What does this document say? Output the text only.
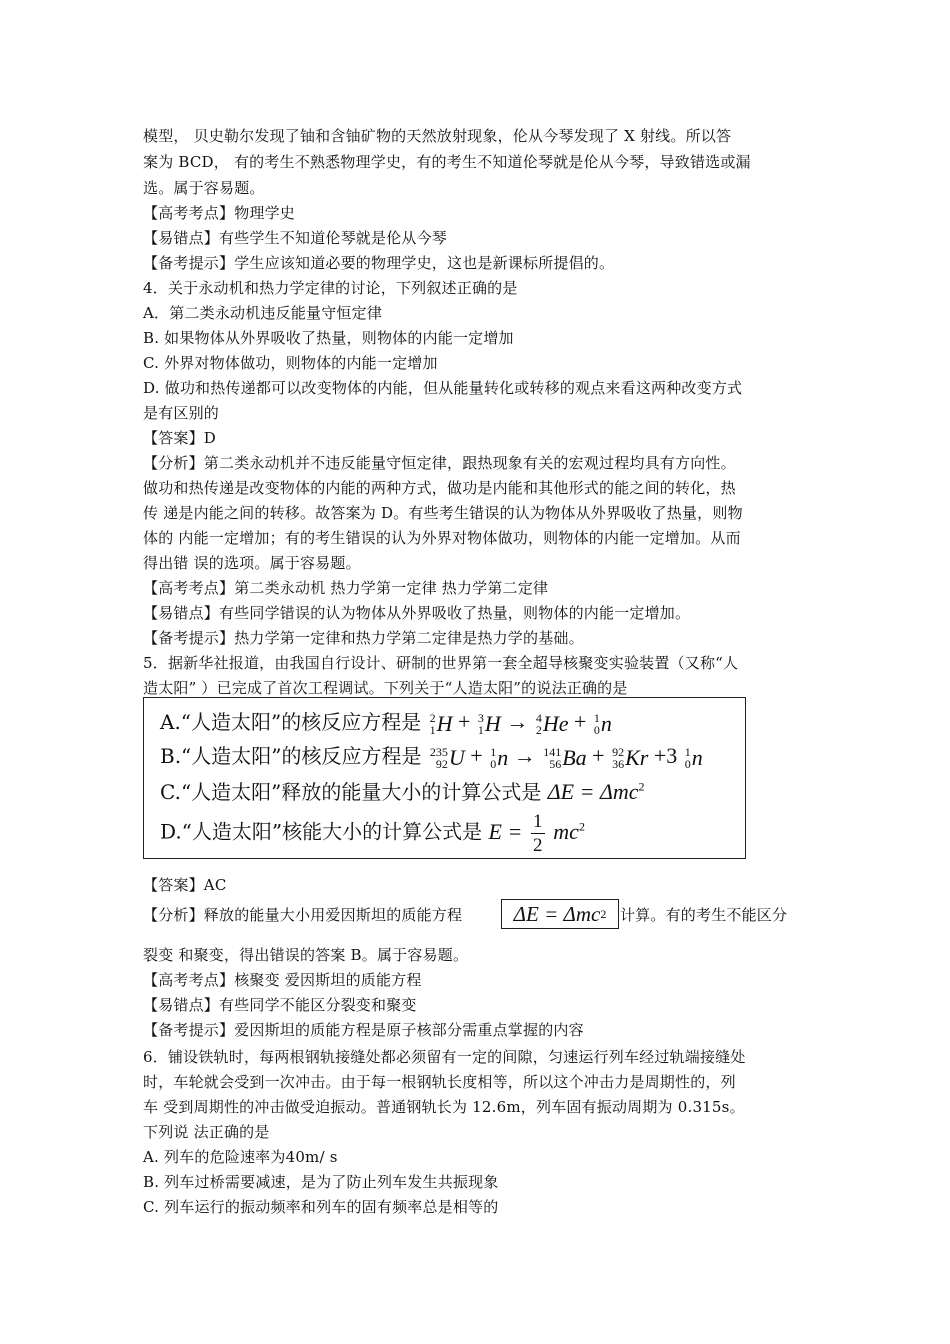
模型， 贝史勒尔发现了铀和含铀矿物的天然放射现象，伦从今琴发现了 X 射线。所以答
案为 BCD， 有的考生不熟悉物理学史，有的考生不知道伦琴就是伦从今琴，导致错选或漏
选。属于容易题。
【高考考点】物理学史
【易错点】有些学生不知道伦琴就是伦从今琴
【备考提示】学生应该知道必要的物理学史，这也是新课标所提倡的。
4．关于永动机和热力学定律的讨论，下列叙述正确的是
A．第二类永动机违反能量守恒定律
B. 如果物体从外界吸收了热量，则物体的内能一定增加
C. 外界对物体做功，则物体的内能一定增加
D. 做功和热传递都可以改变物体的内能，但从能量转化或转移的观点来看这两种改变方式
是有区别的
【答案】D
【分析】第二类永动机并不违反能量守恒定律，跟热现象有关的宏观过程均具有方向性。
做功和热传递是改变物体的内能的两种方式，做功是内能和其他形式的能之间的转化，热
传 递是内能之间的转移。故答案为 D。有些考生错误的认为物体从外界吸收了热量，则物
体的 内能一定增加；有的考生错误的认为外界对物体做功，则物体的内能一定增加。从而
得出错 误的选项。属于容易题。
【高考考点】第二类永动机 热力学第一定律 热力学第二定律
【易错点】有些同学错误的认为物体从外界吸收了热量，则物体的内能一定增加。
【备考提示】热力学第一定律和热力学第二定律是热力学的基础。
5．据新华社报道，由我国自行设计、研制的世界第一套全超导核聚变实验装置（又称“人
造太阳” ）已完成了首次工程调试。下列关于“人造太阳”的说法正确的是
A.“人造太阳”的核反应方程是 2
1 H + 3
1 H → 4
2 He + 1
0 n
B.“人造太阳”的核反应方程是 235
92 U + 1
0 n → 141
56 Ba + 92
36 Kr +3 1
0 n
C.“人造太阳”释放的能量大小的计算公式是 ΔE = Δmc$^2$
D.“人造太阳”核能大小的计算公式是 $E = \frac{1}{2} mc^2$
【答案】AC
【分析】释放的能量大小用爱因斯坦的质能方程 ΔE = Δmc 2 计算。有的考生不能区分
裂变 和聚变，得出错误的答案 B。属于容易题。
【高考考点】核聚变 爱因斯坦的质能方程
【易错点】有些同学不能区分裂变和聚变
【备考提示】爱因斯坦的质能方程是原子核部分需重点掌握的内容
6．铺设铁轨时，每两根钢轨接缝处都必须留有一定的间隙，匀速运行列车经过轨端接缝处
时，车轮就会受到一次冲击。由于每一根钢轨长度相等，所以这个冲击力是周期性的，列
车 受到周期性的冲击做受迫振动。普通钢轨长为 12.6m，列车固有振动周期为 0.315s。
下列说 法正确的是
A. 列车的危险速率为40m/ s
B. 列车过桥需要减速，是为了防止列车发生共振现象
C. 列车运行的振动频率和列车的固有频率总是相等的
